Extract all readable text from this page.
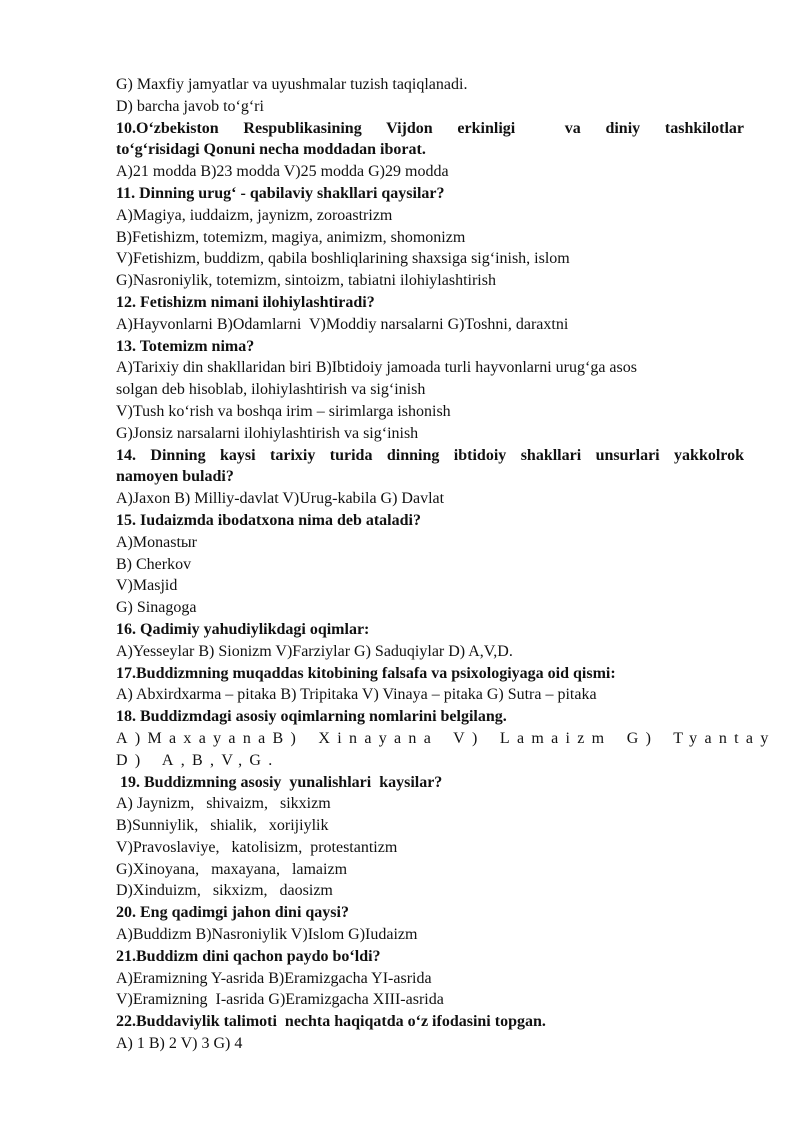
G) Maxfiy jamyatlar va uyushmalar tuzish taqiqlanadi.
D) barcha javob to‘g‘ri
10.O‘zbekiston Respublikasining Vijdon erkinligi  va diniy tashkilotlar
to‘g‘risidagi Qonuni necha moddadan iborat.
A)21 modda B)23 modda V)25 modda G)29 modda
11. Dinning urug‘ - qabilaviy shakllari qaysilar?
A)Magiya, iuddaizm, jaynizm, zoroastrizm
B)Fetishizm, totemizm, magiya, animizm, shomonizm
V)Fetishizm, buddizm, qabila boshliqlarining shaxsiga sig‘inish, islom
G)Nasroniylik, totemizm, sintoizm, tabiatni ilohiylashtirish
12. Fetishizm nimani ilohiylashtiradi?
A)Hayvonlarni B)Odamlarni  V)Moddiy narsalarni G)Toshni, daraxtni
13. Totemizm nima?
A)Tarixiy din shakllaridan biri B)Ibtidoiy jamoada turli hayvonlarni urug‘ga asos
solgan deb hisoblab, ilohiylashtirish va sig‘inish
V)Tush ko‘rish va boshqa irim – sirimlarga ishonish
G)Jonsiz narsalarni ilohiylashtirish va sig‘inish
14. Dinning kaysi tarixiy turida dinning ibtidoiy shakllari unsurlari yakkolrok
namoyen buladi?
A)Jaxon B) Milliy-davlat V)Urug-kabila G) Davlat
15. Iudaizmda ibodatxona nima deb ataladi?
A)Monastыr
B) Cherkov
V)Masjid
G) Sinagoga
16. Qadimiy yahudiylikdagi oqimlar:
A)Yesseylar B) Sionizm V)Farziylar G) Saduqiylar D) A,V,D.
17.Buddizmning muqaddas kitobining falsafa va psixologiyaga oid qismi:
A) Abxirdxarma – pitaka B) Tripitaka V) Vinaya – pitaka G) Sutra – pitaka
18. Buddizmdagi asosiy oqimlarning nomlarini belgilang.
A)MaxayanaB) Xinayana V) Lamaizm G) Tyantay
D) A,B,V,G.
19. Buddizmning asosiy  yunalishlari  kaysilar?
A) Jaynizm,   shivaizm,   sikxizm
B)Sunniylik,   shialik,   xorijiylik
V)Pravoslaviye,   katolisizm,  protestantizm
G)Xinoyana,   maxayana,   lamaizm
D)Xinduizm,   sikxizm,   daosizm
20. Eng qadimgi jahon dini qaysi?
A)Buddizm B)Nasroniylik V)Islom G)Iudaizm
21.Buddizm dini qachon paydo bo‘ldi?
A)Eramizning Y-asrida B)Eramizgacha YI-asrida
V)Eramizning  I-asrida G)Eramizgacha XIII-asrida
22.Buddaviylik talimoti  nechta haqiqatda o‘z ifodasini topgan.
A) 1 B) 2 V) 3 G) 4
